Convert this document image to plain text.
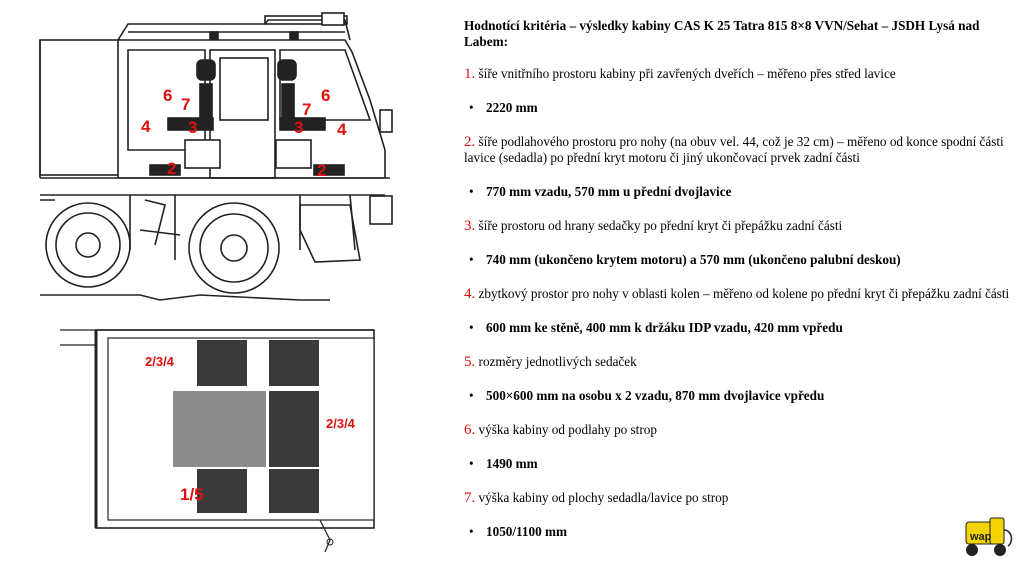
6 7
4 3
2
6
7
4
3
2
2/3/4
2/3/4
1/5

Hodnotící kritéria – výsledky kabiny CAS K 25 Tatra 815 8×8 VVN/Sehat – JSDH Lysá nad Labem:

1. šíře vnitřního prostoru kabiny při zavřených dveřích – měřeno přes střed lavice

• 2220 mm

2. šíře podlahového prostoru pro nohy (na obuv vel. 44, což je 32 cm) – měřeno od konce spodní části lavice (sedadla) po přední kryt motoru či jiný ukončovací prvek zadní části

• 770 mm vzadu, 570 mm u přední dvojlavice

3. šíře prostoru od hrany sedačky po přední kryt či přepážku zadní části

• 740 mm (ukončeno krytem motoru) a 570 mm (ukončeno palubní deskou)

4. zbytkový prostor pro nohy v oblasti kolen – měřeno od kolene po přední kryt či přepážku zadní části

• 600 mm ke stěně, 400 mm k držáku IDP vzadu, 420 mm vpředu

5. rozměry jednotlivých sedaček

• 500×600 mm na osobu x 2 vzadu, 870 mm dvojlavice vpředu

6. výška kabiny od podlahy po strop

• 1490 mm

7. výška kabiny od plochy sedadla/lavice po strop

• 1050/1100 mm	wap
